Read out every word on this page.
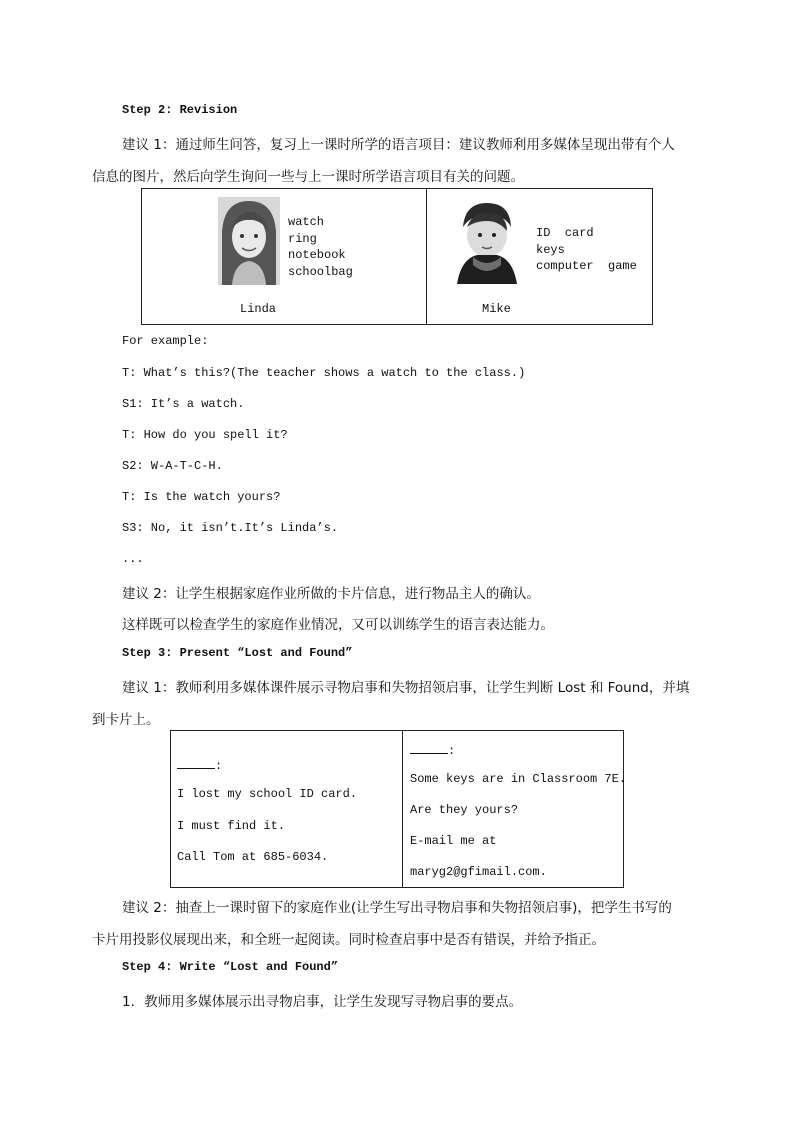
Step 2: Revision
建议 1：通过师生问答，复习上一课时所学的语言项目：建议教师利用多媒体呈现出带有个人
信息的图片，然后向学生询问一些与上一课时所学语言项目有关的问题。
watch
ring
notebook
schoolbag
Linda
ID  card
keys
computer  game
Mike
For example:
T: What’s this?(The teacher shows a watch to the class.)
S1: It’s a watch.
T: How do you spell it?
S2: W-A-T-C-H.
T: Is the watch yours?
S3: No, it isn’t.It’s Linda’s.
...
建议 2：让学生根据家庭作业所做的卡片信息，进行物品主人的确认。
这样既可以检查学生的家庭作业情况，又可以训练学生的语言表达能力。
Step 3: Present “Lost and Found”
建议 1：教师利用多媒体课件展示寻物启事和失物招领启事，让学生判断 Lost 和 Found，并填
到卡片上。
:
I lost my school ID card.
I must find it.
Call Tom at 685-6034.
:
Some keys are in Classroom 7E.
Are they yours?
E-mail me at
maryg2@gfimail.com.
建议 2：抽查上一课时留下的家庭作业(让学生写出寻物启事和失物招领启事)，把学生书写的
卡片用投影仪展现出来，和全班一起阅读。同时检查启事中是否有错误，并给予指正。
Step 4: Write “Lost and Found”
1．教师用多媒体展示出寻物启事，让学生发现写寻物启事的要点。
